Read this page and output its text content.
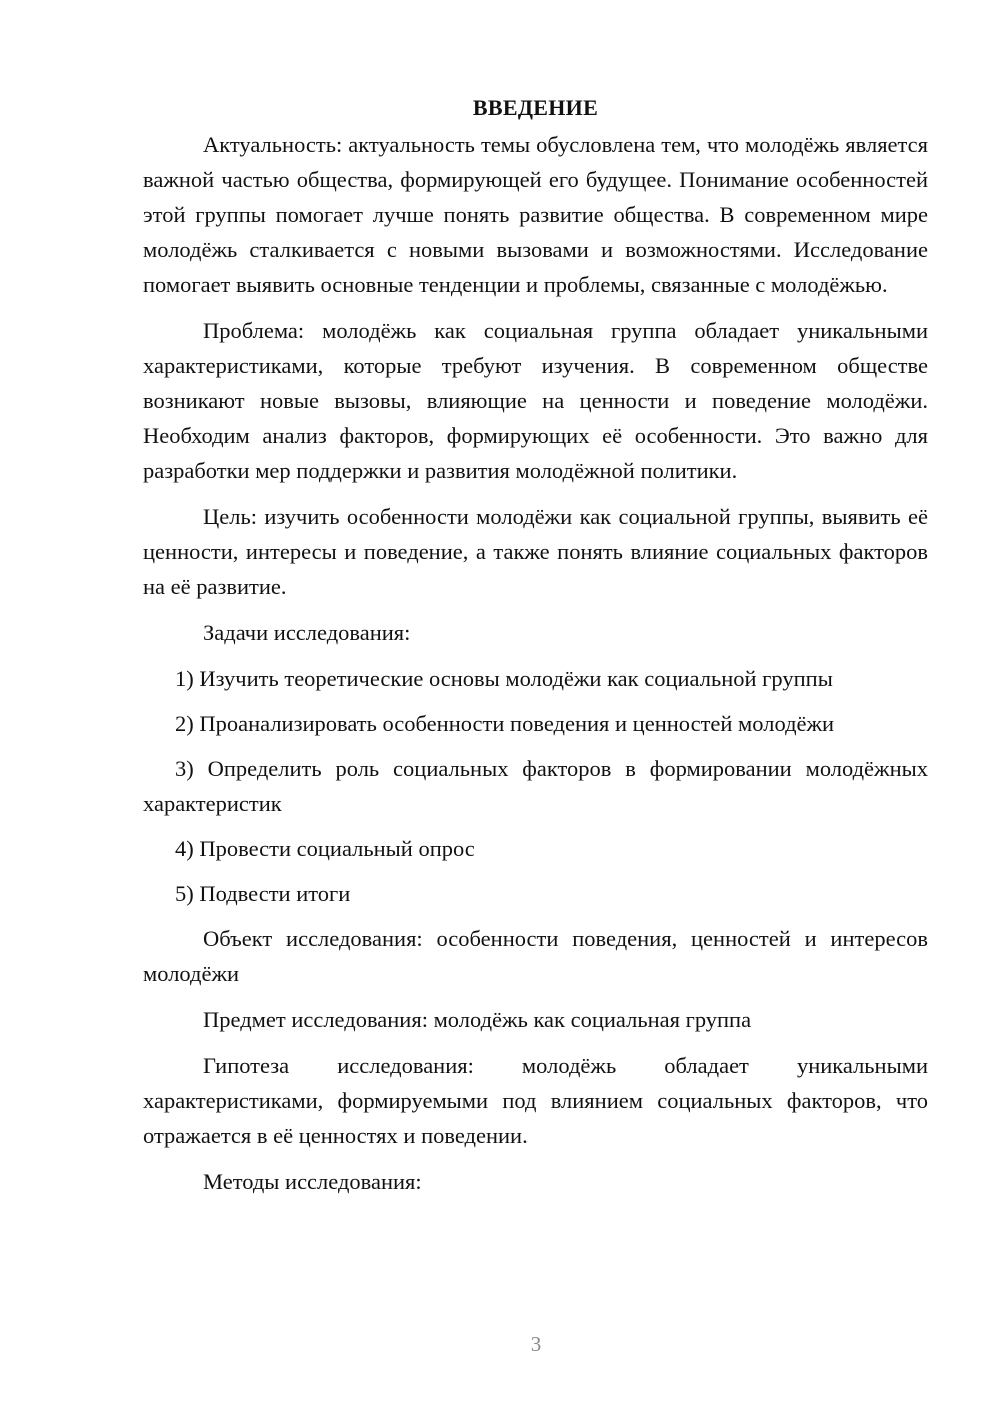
ВВЕДЕНИЕ

Актуальность: актуальность темы обусловлена тем, что молодёжь является важной частью общества, формирующей его будущее. Понимание особенностей этой группы помогает лучше понять развитие общества. В современном мире молодёжь сталкивается с новыми вызовами и возможностями. Исследование помогает выявить основные тенденции и проблемы, связанные с молодёжью.

Проблема: молодёжь как социальная группа обладает уникальными характеристиками, которые требуют изучения. В современном обществе возникают новые вызовы, влияющие на ценности и поведение молодёжи. Необходим анализ факторов, формирующих её особенности. Это важно для разработки мер поддержки и развития молодёжной политики.

Цель: изучить особенности молодёжи как социальной группы, выявить её ценности, интересы и поведение, а также понять влияние социальных факторов на её развитие.

Задачи исследования:

1) Изучить теоретические основы молодёжи как социальной группы

2) Проанализировать особенности поведения и ценностей молодёжи

3) Определить роль социальных факторов в формировании молодёжных характеристик

4) Провести социальный опрос

5) Подвести итоги

Объект исследования: особенности поведения, ценностей и интересов молодёжи

Предмет исследования: молодёжь как социальная группа

Гипотеза исследования: молодёжь обладает уникальными характеристиками, формируемыми под влиянием социальных факторов, что отражается в её ценностях и поведении.

Методы исследования:

3
